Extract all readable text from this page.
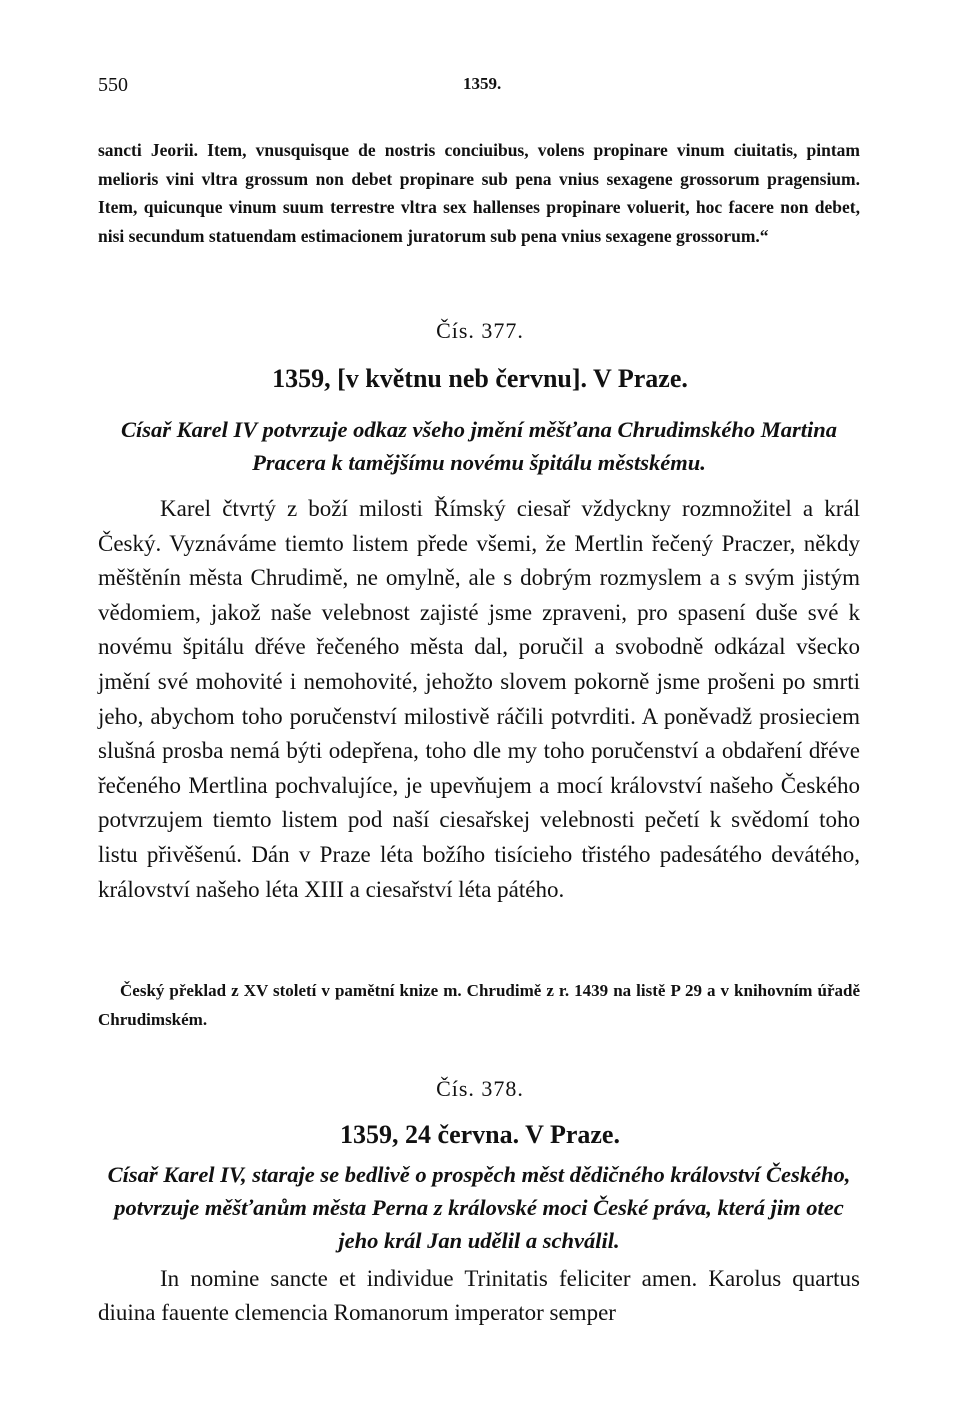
550	1359.

sancti Jeorii. Item, vnusquisque de nostris conciuibus, volens propinare vinum ciuitatis, pintam melioris vini vltra grossum non debet propinare sub pena vnius sexagene grossorum pragensium. Item, quicunque vinum suum terrestre vltra sex hallenses propinare voluerit, hoc facere non debet, nisi secundum statuendam estimacionem juratorum sub pena vnius sexagene grossorum.“

Čís. 377.
1359, [v květnu neb červnu]. V Praze.

Císař Karel IV potvrzuje odkaz všeho jmění měšťana Chrudimského Martina Pracera k tamějšímu novému špitálu městskému.

Karel čtvrtý z boží milosti Římský ciesař vždyckny rozmnožitel a král Český. Vyznáváme tiemto listem přede všemi, že Mertlin řečený Praczer, někdy měštěnín města Chrudimě, ne omylně, ale s dobrým rozmyslem a s svým jistým vědomiem, jakož naše velebnost zajisté jsme zpraveni, pro spasení duše své k novému špitálu dřéve řečeného města dal, poručil a svobodně odkázal všecko jmění své mohovité i nemohovité, jehožto slovem pokorně jsme prošeni po smrti jeho, abychom toho poručenství milostivě ráčili potvrditi. A poněvadž prosieciem slušná prosba nemá býti odepřena, toho dle my toho poručenství a obdaření dřéve řečeného Mertlina pochvalujíce, je upevňujem a mocí království našeho Českého potvrzujem tiemto listem pod naší ciesařskej velebnosti pečetí k svědomí toho listu přivěšenú. Dán v Praze léta božího tisícieho třistého padesátého devátého, království našeho léta XIII a ciesařství léta pátého.

Český překlad z XV století v pamětní knize m. Chrudimě z r. 1439 na listě P 29 a v knihovním úřadě Chrudimském.

Čís. 378.
1359, 24 června. V Praze.

Císař Karel IV, staraje se bedlivě o prospěch měst dědičného království Českého, potvrzuje měšťanům města Perna z královské moci České práva, která jim otec jeho král Jan udělil a schválil.

In nomine sancte et individue Trinitatis feliciter amen. Karolus quartus diuina fauente clemencia Romanorum imperator semper
